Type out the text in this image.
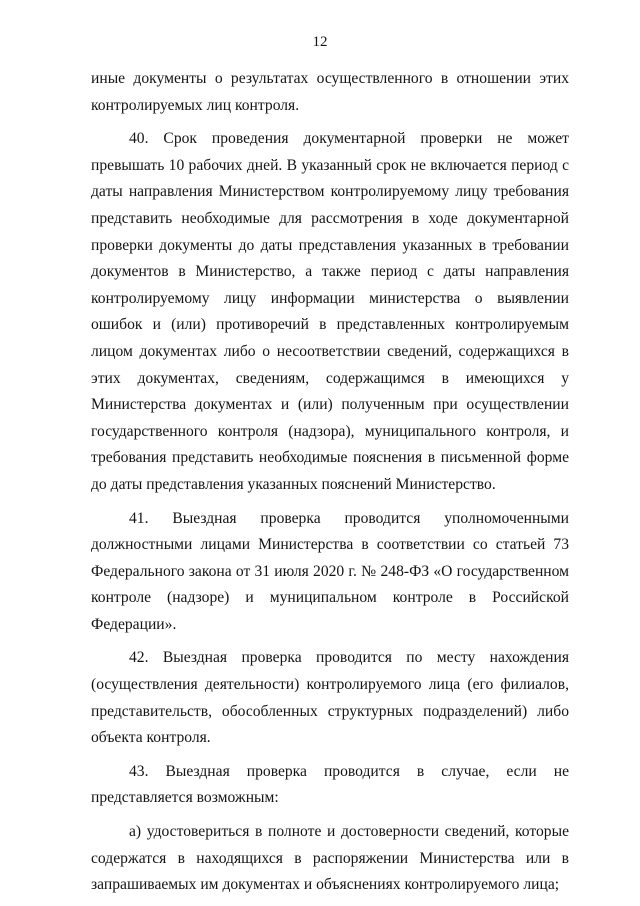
12

иные документы о результатах осуществленного в отношении этих контролируемых лиц контроля.

40. Срок проведения документарной проверки не может превышать 10 рабочих дней. В указанный срок не включается период с даты направления Министерством контролируемому лицу требования представить необходимые для рассмотрения в ходе документарной проверки документы до даты представления указанных в требовании документов в Министерство, а также период с даты направления контролируемому лицу информации министерства о выявлении ошибок и (или) противоречий в представленных контролируемым лицом документах либо о несоответствии сведений, содержащихся в этих документах, сведениям, содержащимся в имеющихся у Министерства документах и (или) полученным при осуществлении государственного контроля (надзора), муниципального контроля, и требования представить необходимые пояснения в письменной форме до даты представления указанных пояснений Министерство.

41. Выездная проверка проводится уполномоченными должностными лицами Министерства в соответствии со статьей 73 Федерального закона от 31 июля 2020 г. № 248-ФЗ «О государственном контроле (надзоре) и муниципальном контроле в Российской Федерации».

42. Выездная проверка проводится по месту нахождения (осуществления деятельности) контролируемого лица (его филиалов, представительств, обособленных структурных подразделений) либо объекта контроля.

43. Выездная проверка проводится в случае, если не представляется возможным:

а) удостовериться в полноте и достоверности сведений, которые содержатся в находящихся в распоряжении Министерства или в запрашиваемых им документах и объяснениях контролируемого лица;
